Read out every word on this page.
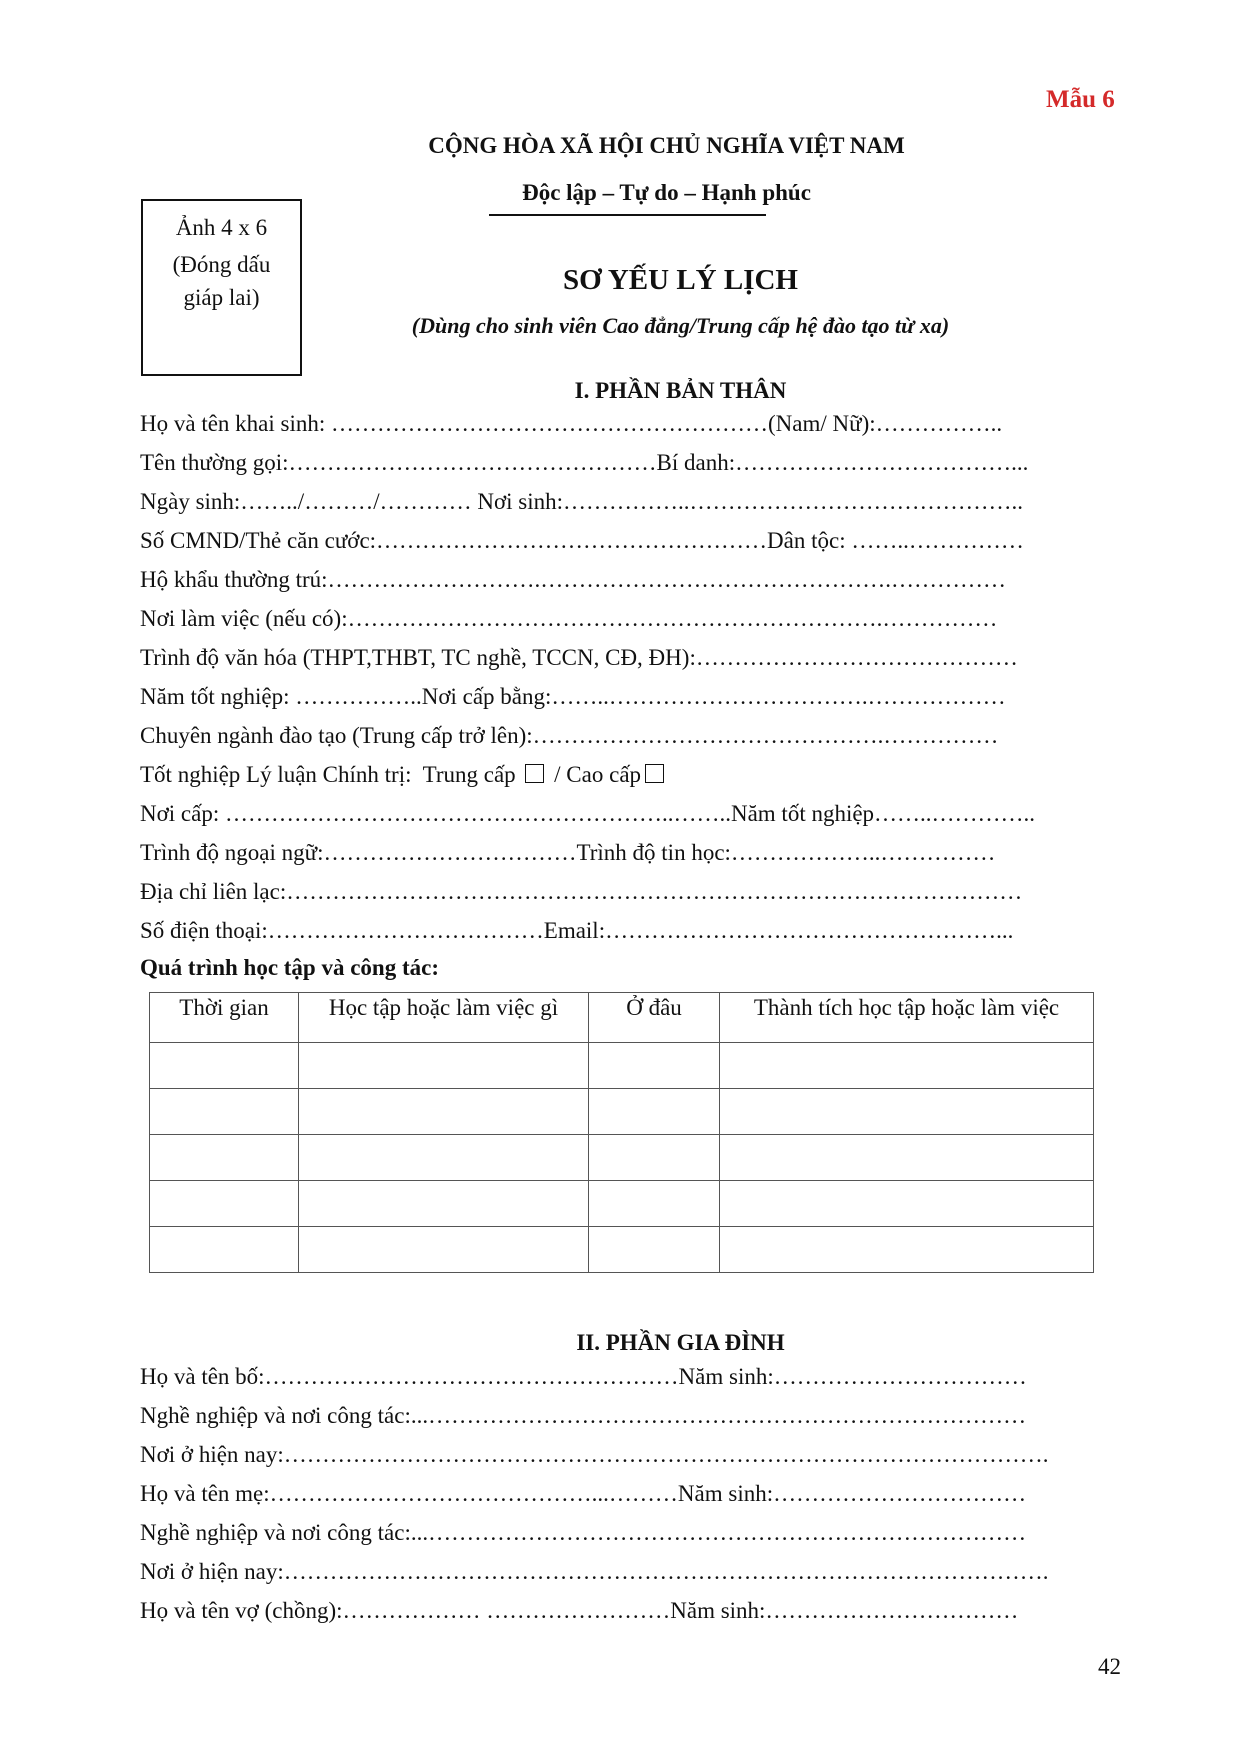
Mẫu 6
CỘNG HÒA XÃ HỘI CHỦ NGHĨA VIỆT NAM
Độc lập – Tự do – Hạnh phúc
Ảnh 4 x 6
(Đóng dấu
giáp lai)
SƠ YẾU LÝ LỊCH
(Dùng cho sinh viên Cao đẳng/Trung cấp hệ đào tạo từ xa)
I. PHẦN BẢN THÂN
Họ và tên khai sinh: …………………………………………………(Nam/ Nữ):……………..
Tên thường gọi:…………………………………………Bí danh:………………………………...
Ngày sinh:……../………/………… Nơi sinh:……………..……………………………………..
Số CMND/Thẻ căn cước:……………………………………………Dân tộc: ……..……………
Hộ khẩu thường trú:……………………….……………………………………….……………
Nơi làm việc (nếu có):…………………………………………………………….……………
Trình độ văn hóa (THPT,THBT, TC nghề, TCCN, CĐ, ĐH):……………………………………
Năm tốt nghiệp: ……………..Nơi cấp bằng:……..…………………………….………………
Chuyên ngành đào tạo (Trung cấp trở lên):……………………………………….……………
Tốt nghiệp Lý luận Chính trị: Trung cấp / Cao cấp
Nơi cấp: …………………………………………………..……..Năm tốt nghiệp……..…………..
Trình độ ngoại ngữ:……………………………Trình độ tin học:………………..……………
Địa chỉ liên lạc:……………………………………………………………………………………
Số điện thoại:………………………………Email:……………………………………………...
Quá trình học tập và công tác:
Thời gian	Học tập hoặc làm việc gì	Ở đâu	Thành tích học tập hoặc làm việc

II. PHẦN GIA ĐÌNH
Họ và tên bố:………………………………………………Năm sinh:……………………………
Nghề nghiệp và nơi công tác:...……………………………………………………………………
Nơi ở hiện nay:……………………………………………………………………………………….
Họ và tên mẹ:……………………………………...………Năm sinh:……………………………
Nghề nghiệp và nơi công tác:...……………………………………………………………………
Nơi ở hiện nay:……………………………………………………………………………………….
Họ và tên vợ (chồng):……………… ……………………Năm sinh:……………………………
42
